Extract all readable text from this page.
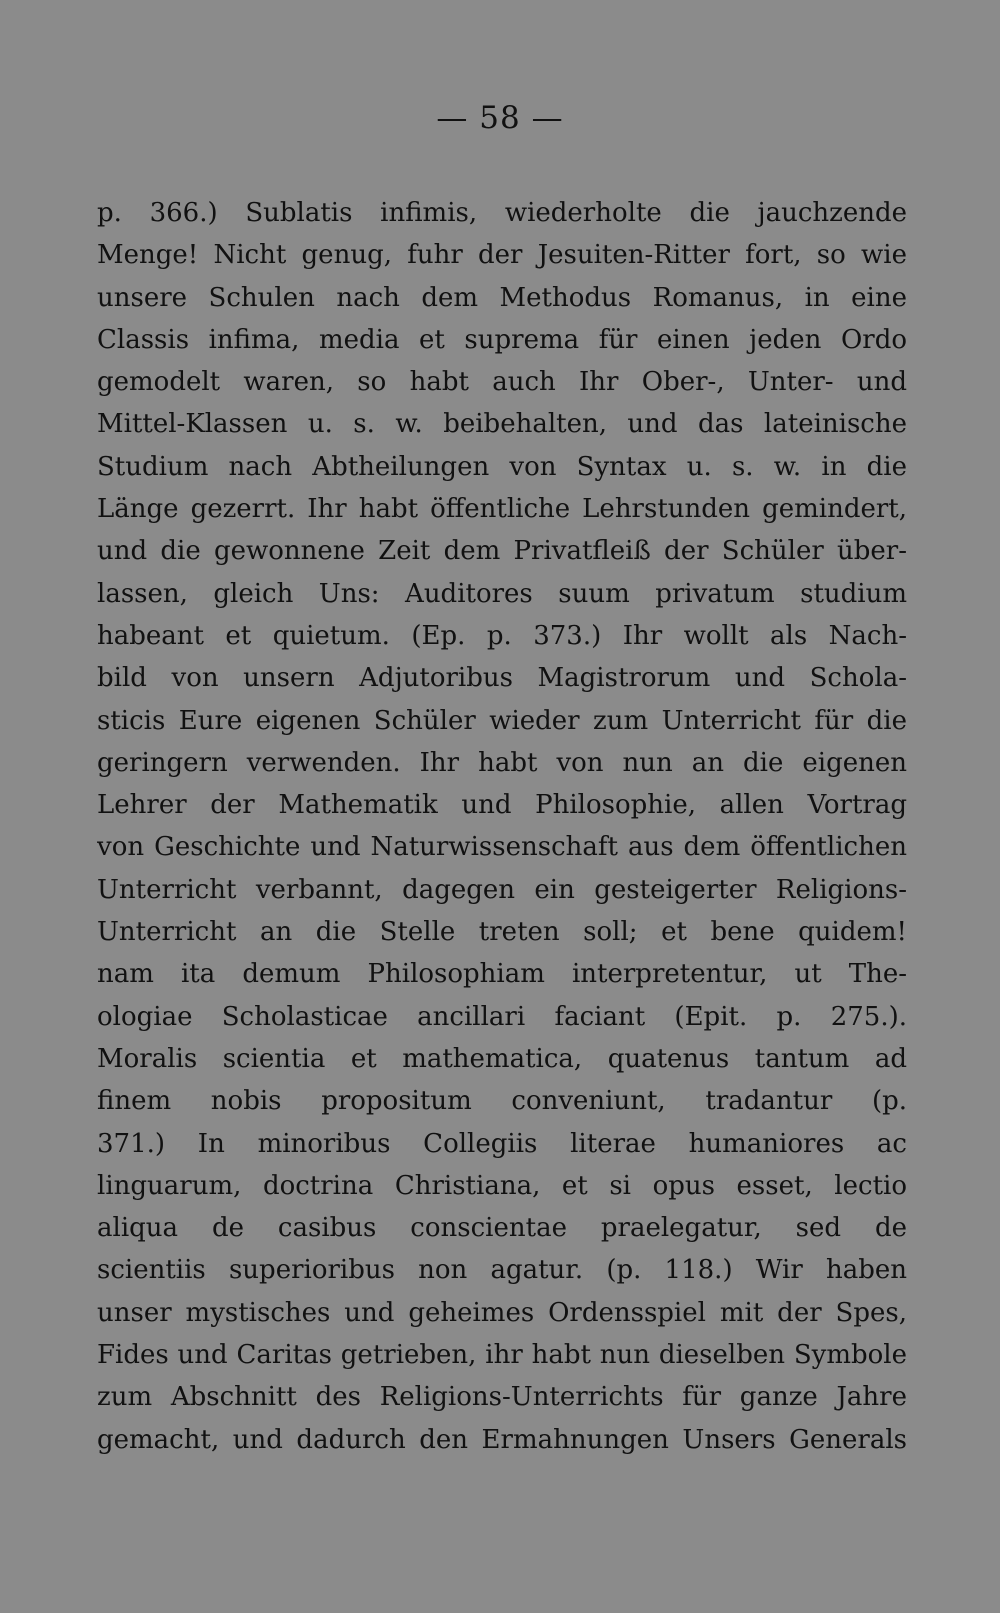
— 58 —
p. 366.) Sublatis infimis, wiederholte die jauchzende
Menge! Nicht genug, fuhr der Jesuiten-Ritter fort, so wie
unsere Schulen nach dem Methodus Romanus, in eine
Classis infima, media et suprema für einen jeden Ordo
gemodelt waren, so habt auch Ihr Ober-, Unter- und
Mittel-Klassen u. s. w. beibehalten, und das lateinische
Studium nach Abtheilungen von Syntax u. s. w. in die
Länge gezerrt. Ihr habt öffentliche Lehrstunden gemindert,
und die gewonnene Zeit dem Privatfleiß der Schüler über-
lassen, gleich Uns: Auditores suum privatum studium
habeant et quietum. (Ep. p. 373.) Ihr wollt als Nach-
bild von unsern Adjutoribus Magistrorum und Schola-
sticis Eure eigenen Schüler wieder zum Unterricht für die
geringern verwenden. Ihr habt von nun an die eigenen
Lehrer der Mathematik und Philosophie, allen Vortrag
von Geschichte und Naturwissenschaft aus dem öffentlichen
Unterricht verbannt, dagegen ein gesteigerter Religions-
Unterricht an die Stelle treten soll; et bene quidem!
nam ita demum Philosophiam interpretentur, ut The-
ologiae Scholasticae ancillari faciant (Epit. p. 275.).
Moralis scientia et mathematica, quatenus tantum ad
finem nobis propositum conveniunt, tradantur (p.
371.) In minoribus Collegiis literae humaniores ac
linguarum, doctrina Christiana, et si opus esset, lectio
aliqua de casibus conscientae praelegatur, sed de
scientiis superioribus non agatur. (p. 118.) Wir haben
unser mystisches und geheimes Ordensspiel mit der Spes,
Fides und Caritas getrieben, ihr habt nun dieselben Symbole
zum Abschnitt des Religions-Unterrichts für ganze Jahre
gemacht, und dadurch den Ermahnungen Unsers Generals
